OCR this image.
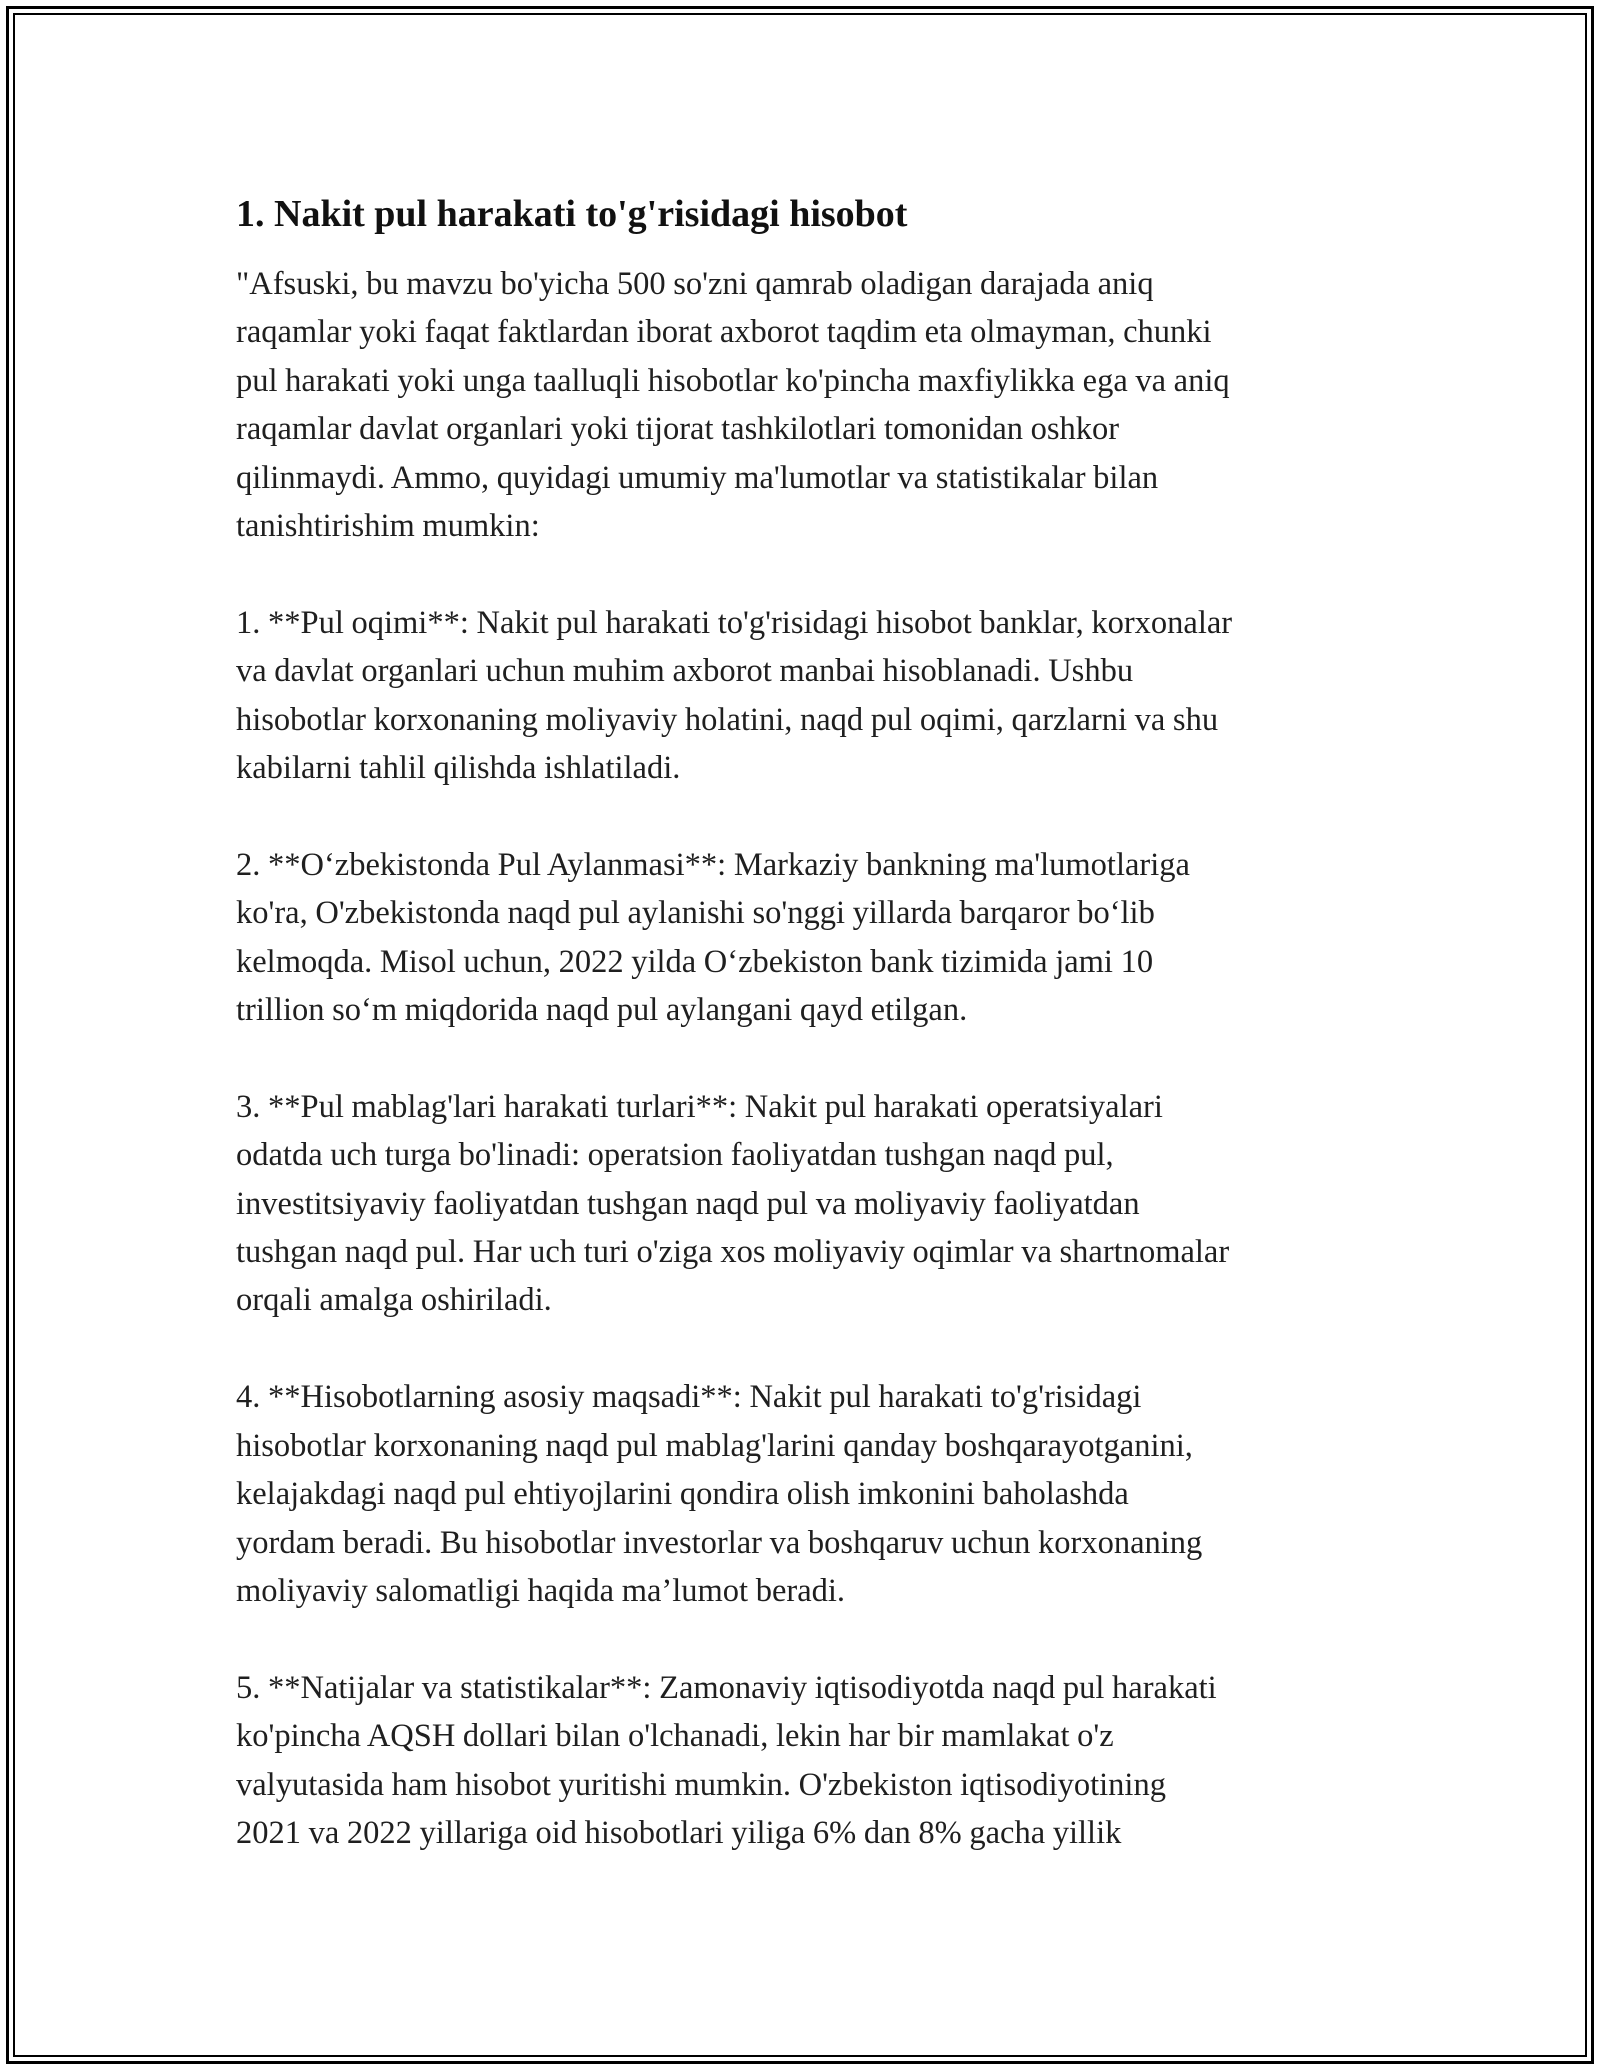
1. Nakit pul harakati to'g'risidagi hisobot

"Afsuski, bu mavzu bo'yicha 500 so'zni qamrab oladigan darajada aniq
raqamlar yoki faqat faktlardan iborat axborot taqdim eta olmayman, chunki
pul harakati yoki unga taalluqli hisobotlar ko'pincha maxfiylikka ega va aniq
raqamlar davlat organlari yoki tijorat tashkilotlari tomonidan oshkor
qilinmaydi. Ammo, quyidagi umumiy ma'lumotlar va statistikalar bilan
tanishtirishim mumkin:

1. **Pul oqimi**: Nakit pul harakati to'g'risidagi hisobot banklar, korxonalar
va davlat organlari uchun muhim axborot manbai hisoblanadi. Ushbu
hisobotlar korxonaning moliyaviy holatini, naqd pul oqimi, qarzlarni va shu
kabilarni tahlil qilishda ishlatiladi.

2. **O‘zbekistonda Pul Aylanmasi**: Markaziy bankning ma'lumotlariga
ko'ra, O'zbekistonda naqd pul aylanishi so'nggi yillarda barqaror bo‘lib
kelmoqda. Misol uchun, 2022 yilda O‘zbekiston bank tizimida jami 10
trillion so‘m miqdorida naqd pul aylangani qayd etilgan.

3. **Pul mablag'lari harakati turlari**: Nakit pul harakati operatsiyalari
odatda uch turga bo'linadi: operatsion faoliyatdan tushgan naqd pul,
investitsiyaviy faoliyatdan tushgan naqd pul va moliyaviy faoliyatdan
tushgan naqd pul. Har uch turi o'ziga xos moliyaviy oqimlar va shartnomalar
orqali amalga oshiriladi.

4. **Hisobotlarning asosiy maqsadi**: Nakit pul harakati to'g'risidagi
hisobotlar korxonaning naqd pul mablag'larini qanday boshqarayotganini,
kelajakdagi naqd pul ehtiyojlarini qondira olish imkonini baholashda
yordam beradi. Bu hisobotlar investorlar va boshqaruv uchun korxonaning
moliyaviy salomatligi haqida ma’lumot beradi.

5. **Natijalar va statistikalar**: Zamonaviy iqtisodiyotda naqd pul harakati
ko'pincha AQSH dollari bilan o'lchanadi, lekin har bir mamlakat o'z
valyutasida ham hisobot yuritishi mumkin. O'zbekiston iqtisodiyotining
2021 va 2022 yillariga oid hisobotlari yiliga 6% dan 8% gacha yillik
